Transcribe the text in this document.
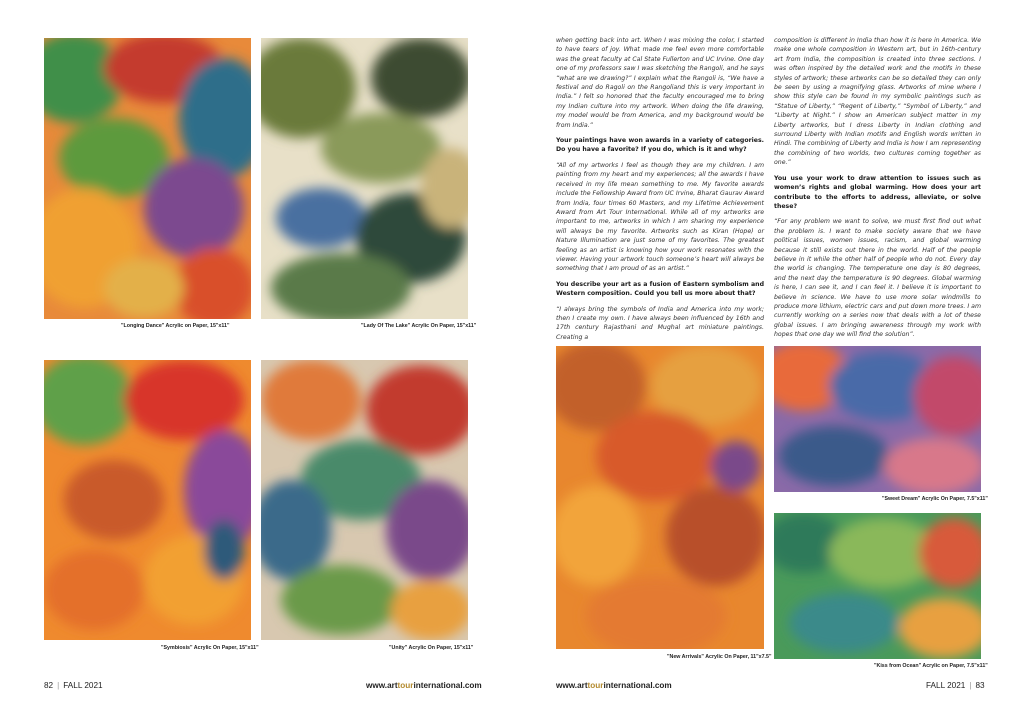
"Longing Dance" Acrylic on Paper, 15"x11"	"Lady Of The Lake" Acrylic On Paper, 15"x11"
"Symbiosis" Acrylic On Paper, 15"x11"	"Unity" Acrylic On Paper, 15"x11"
82 | FALL 2021	www.arttourinternational.com

when getting back into art. When I was mixing the color, I started to have tears of joy. What made me feel even more comfortable was the great faculty at Cal State Fullerton and UC Irvine. One day one of my professors saw I was sketching the Rangoli, and he says “what are we drawing?” I explain what the Rangoli is, “We have a festival and do Ragoli on the Rangoliand this is very important in India.” I felt so honored that the faculty encouraged me to bring my Indian culture into my artwork. When doing the life drawing, my model would be from America, and my background would be from India.”

Your paintings have won awards in a variety of categories. Do you have a favorite? If you do, which is it and why?

“All of my artworks I feel as though they are my children. I am painting from my heart and my experiences; all the awards I have received in my life mean something to me. My favorite awards include the Fellowship Award from UC Irvine, Bharat Gaurav Award from India, four times 60 Masters, and my Lifetime Achievement Award from Art Tour International. While all of my artworks are important to me, artworks in which I am sharing my experience will always be my favorite. Artworks such as Kiran (Hope) or Nature Illumination are just some of my favorites. The greatest feeling as an artist is knowing how your work resonates with the viewer. Having your artwork touch someone’s heart will always be something that I am proud of as an artist.”

You describe your art as a fusion of Eastern symbolism and Western composition. Could you tell us more about that?

“I always bring the symbols of India and America into my work; then I create my own. I have always been influenced by 16th and 17th century Rajasthani and Mughal art miniature paintings. Creating a

composition is different in India than how it is here in America. We make one whole composition in Western art, but in 16th-century art from India, the composition is created into three sections. I was often inspired by the detailed work and the motifs in these styles of artwork; these artworks can be so detailed they can only be seen by using a magnifying glass. Artworks of mine where I show this style can be found in my symbolic paintings such as “Statue of Liberty,” “Regent of Liberty,” “Symbol of Liberty,” and “Liberty at Night.” I show an American subject matter in my Liberty artworks, but I dress Liberty in Indian clothing and surround Liberty with Indian motifs and English words written in Hindi. The combining of Liberty and India is how I am representing the combining of two worlds, two cultures coming together as one.”

You use your work to draw attention to issues such as women’s rights and global warming. How does your art contribute to the efforts to address, alleviate, or solve these?

“For any problem we want to solve, we must first find out what the problem is. I want to make society aware that we have political issues, women issues, racism, and global warming because it still exists out there in the world. Half of the people believe in it while the other half of people who do not. Every day the world is changing. The temperature one day is 80 degrees, and the next day the temperature is 90 degrees. Global warming is here, I can see it, and I can feel it. I believe it is important to believe in science. We have to use more solar windmills to produce more lithium, electric cars and put down more trees. I am currently working on a series now that deals with a lot of these global issues. I am bringing awareness through my work with hopes that one day we will find the solution”.

"New Arrivals" Acrylic On Paper, 11"x7.5"
"Sweet Dream" Acrylic On Paper, 7.5"x11"
"Kiss from Ocean" Acrylic on Paper, 7.5"x11"
www.arttourinternational.com	FALL 2021 | 83
